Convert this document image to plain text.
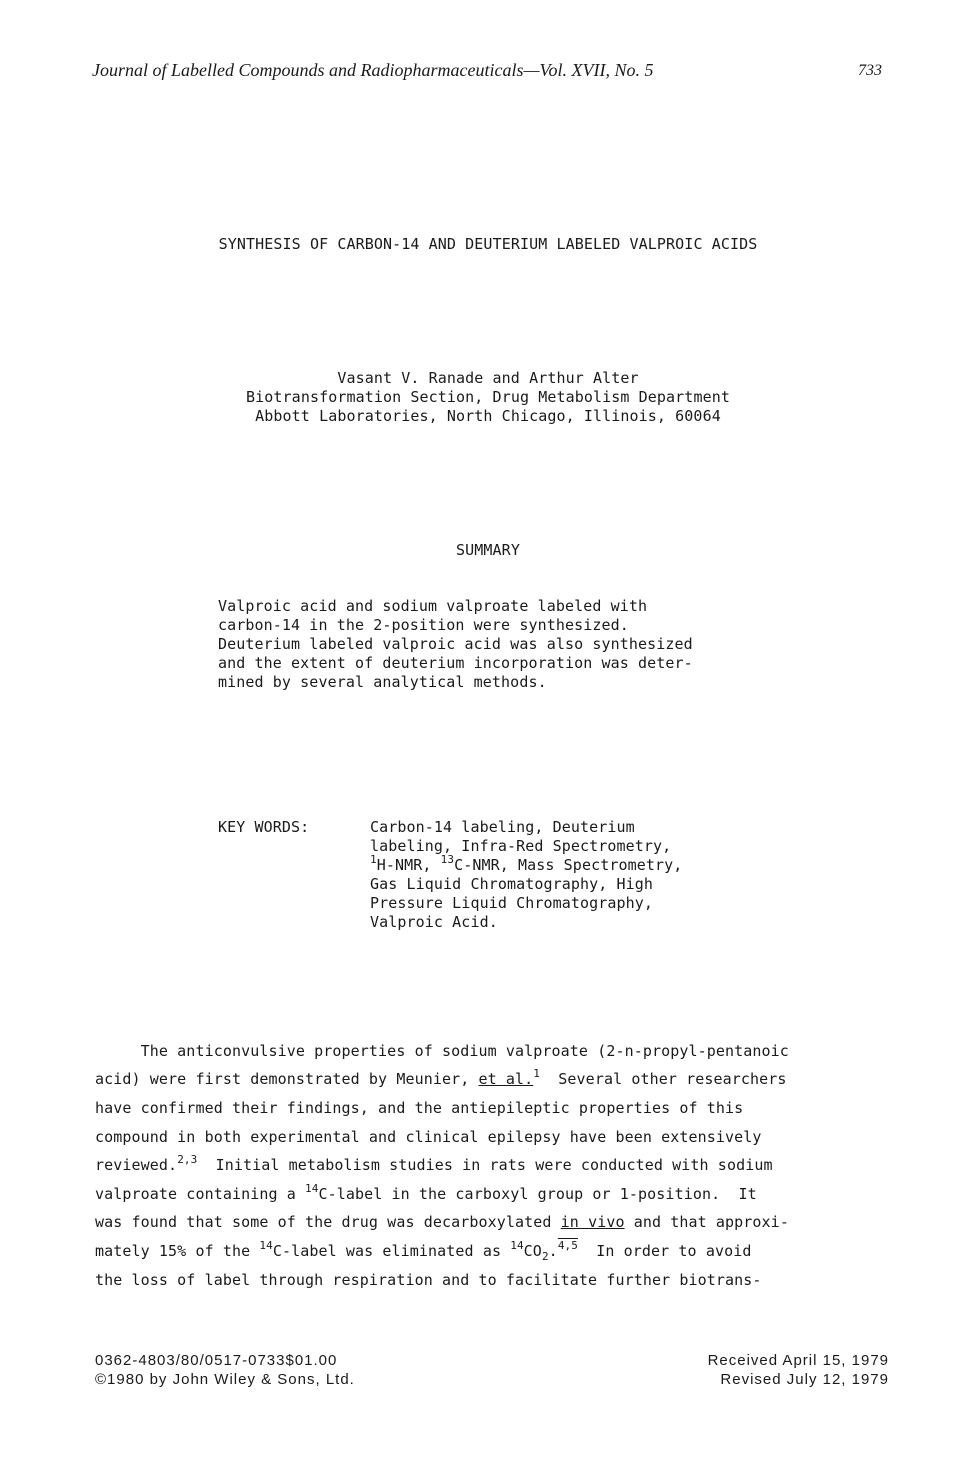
Journal of Labelled Compounds and Radiopharmaceuticals—Vol. XVII, No. 5	733
SYNTHESIS OF CARBON-14 AND DEUTERIUM LABELED VALPROIC ACIDS
Vasant V. Ranade and Arthur Alter
Biotransformation Section, Drug Metabolism Department
Abbott Laboratories, North Chicago, Illinois, 60064
SUMMARY
Valproic acid and sodium valproate labeled with
carbon-14 in the 2-position were synthesized.
Deuterium labeled valproic acid was also synthesized
and the extent of deuterium incorporation was deter-
mined by several analytical methods.
KEY WORDS:	Carbon-14 labeling, Deuterium
labeling, Infra-Red Spectrometry,
$^1$H-NMR, $^{13}$C-NMR, Mass Spectrometry,
Gas Liquid Chromatography, High
Pressure Liquid Chromatography,
Valproic Acid.
The anticonvulsive properties of sodium valproate (2-n-propyl-pentanoic
acid) were first demonstrated by Meunier, et al.$^1$  Several other researchers
have confirmed their findings, and the antiepileptic properties of this
compound in both experimental and clinical epilepsy have been extensively
reviewed.$^{2,3}$  Initial metabolism studies in rats were conducted with sodium
valproate containing a $^{14}$C-label in the carboxyl group or 1-position.  It
was found that some of the drug was decarboxylated in vivo and that approxi-
mately 15% of the $^{14}$C-label was eliminated as $^{14}CO_2.^{4,5}$  In order to avoid
the loss of label through respiration and to facilitate further biotrans-
0362-4803/80/0517-0733$01.00
©1980 by John Wiley & Sons, Ltd.
Received April 15, 1979
Revised July 12, 1979
